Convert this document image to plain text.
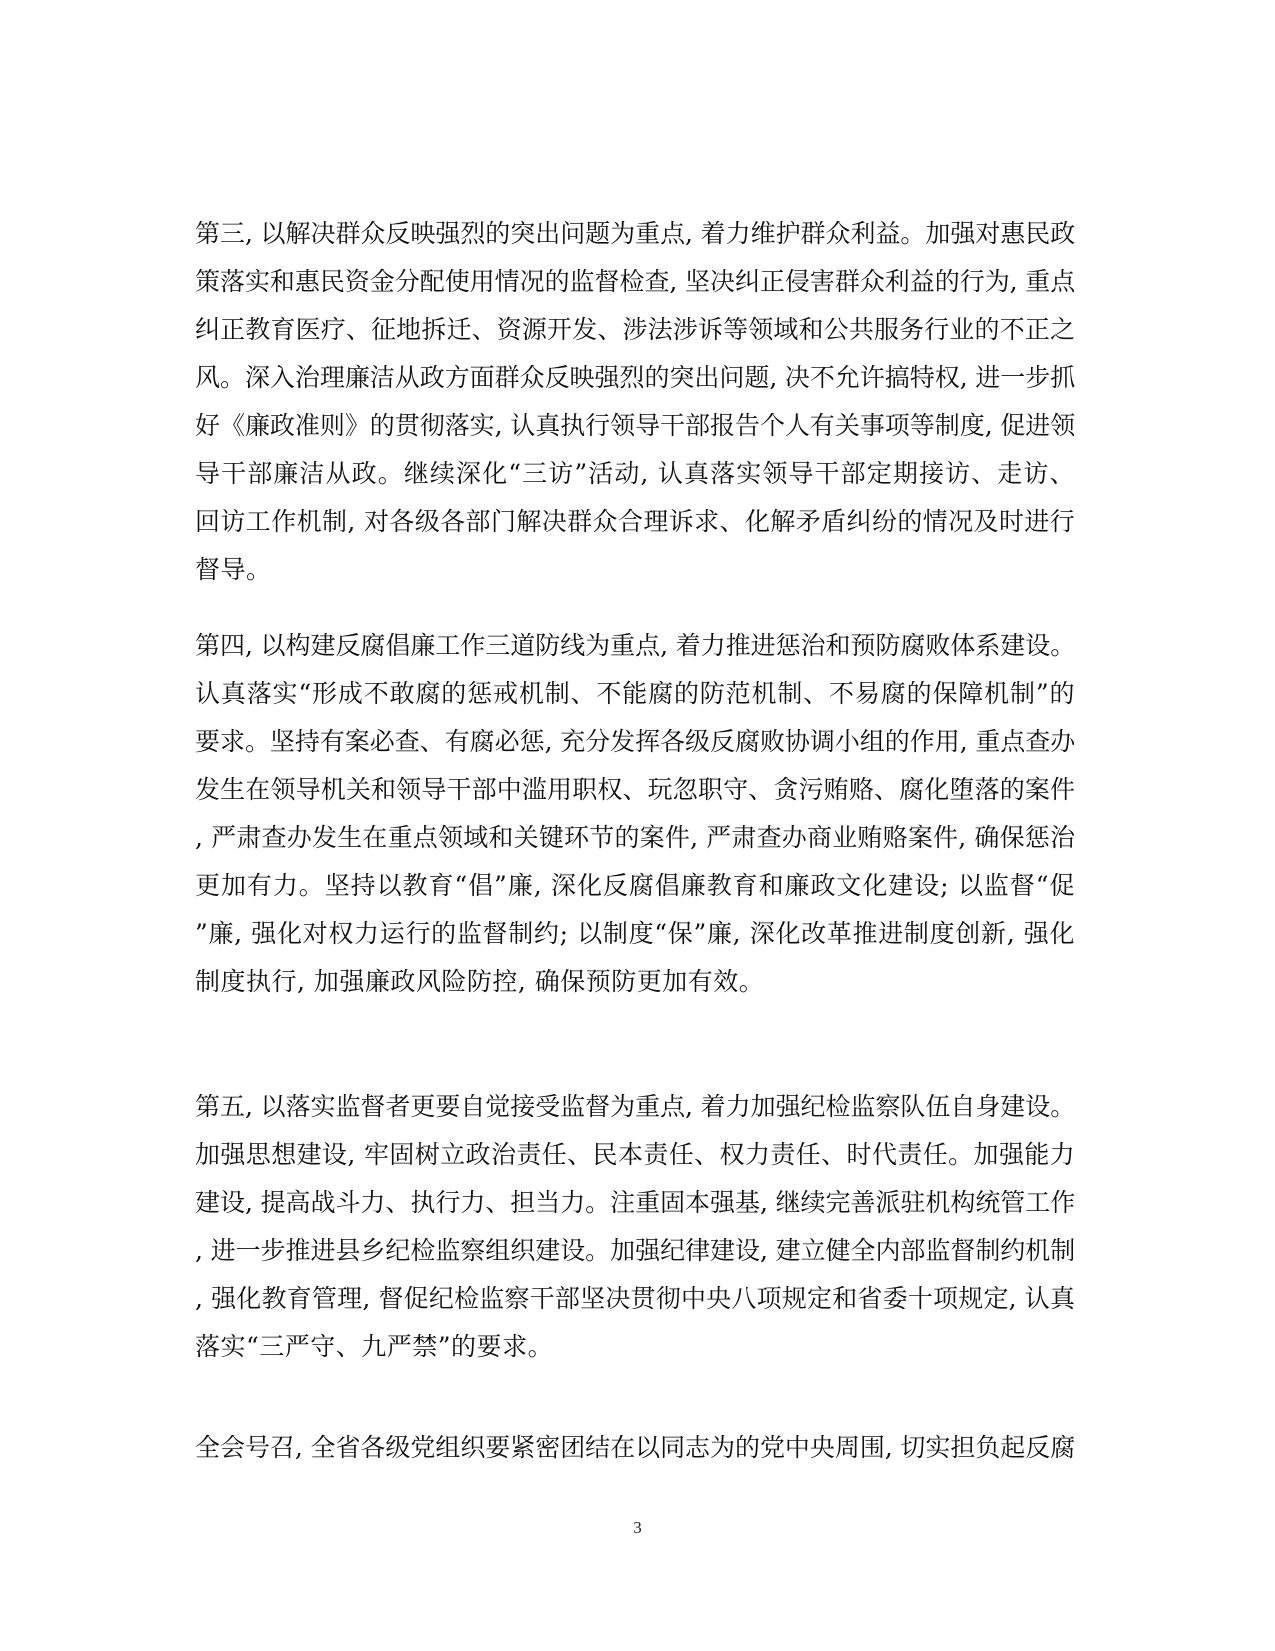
第三, 以解决群众反映强烈的突出问题为重点, 着力维护群众利益。加强对惠民政
策落实和惠民资金分配使用情况的监督检查, 坚决纠正侵害群众利益的行为, 重点
纠正教育医疗、征地拆迁、资源开发、涉法涉诉等领域和公共服务行业的不正之
风。深入治理廉洁从政方面群众反映强烈的突出问题, 决不允许搞特权, 进一步抓
好《廉政准则》的贯彻落实, 认真执行领导干部报告个人有关事项等制度, 促进领
导干部廉洁从政。继续深化“三访”活动, 认真落实领导干部定期接访、走访、
回访工作机制, 对各级各部门解决群众合理诉求、化解矛盾纠纷的情况及时进行
督导。
第四, 以构建反腐倡廉工作三道防线为重点, 着力推进惩治和预防腐败体系建设。
认真落实“形成不敢腐的惩戒机制、不能腐的防范机制、不易腐的保障机制”的
要求。坚持有案必查、有腐必惩, 充分发挥各级反腐败协调小组的作用, 重点查办
发生在领导机关和领导干部中滥用职权、玩忽职守、贪污贿赂、腐化堕落的案件
, 严肃查办发生在重点领域和关键环节的案件, 严肃查办商业贿赂案件, 确保惩治
更加有力。坚持以教育“倡”廉, 深化反腐倡廉教育和廉政文化建设; 以监督“促
”廉, 强化对权力运行的监督制约; 以制度“保”廉, 深化改革推进制度创新, 强化
制度执行, 加强廉政风险防控, 确保预防更加有效。
第五, 以落实监督者更要自觉接受监督为重点, 着力加强纪检监察队伍自身建设。
加强思想建设, 牢固树立政治责任、民本责任、权力责任、时代责任。加强能力
建设, 提高战斗力、执行力、担当力。注重固本强基, 继续完善派驻机构统管工作
, 进一步推进县乡纪检监察组织建设。加强纪律建设, 建立健全内部监督制约机制
, 强化教育管理, 督促纪检监察干部坚决贯彻中央八项规定和省委十项规定, 认真
落实“三严守、九严禁”的要求。
全会号召, 全省各级党组织要紧密团结在以同志为的党中央周围, 切实担负起反腐
3
